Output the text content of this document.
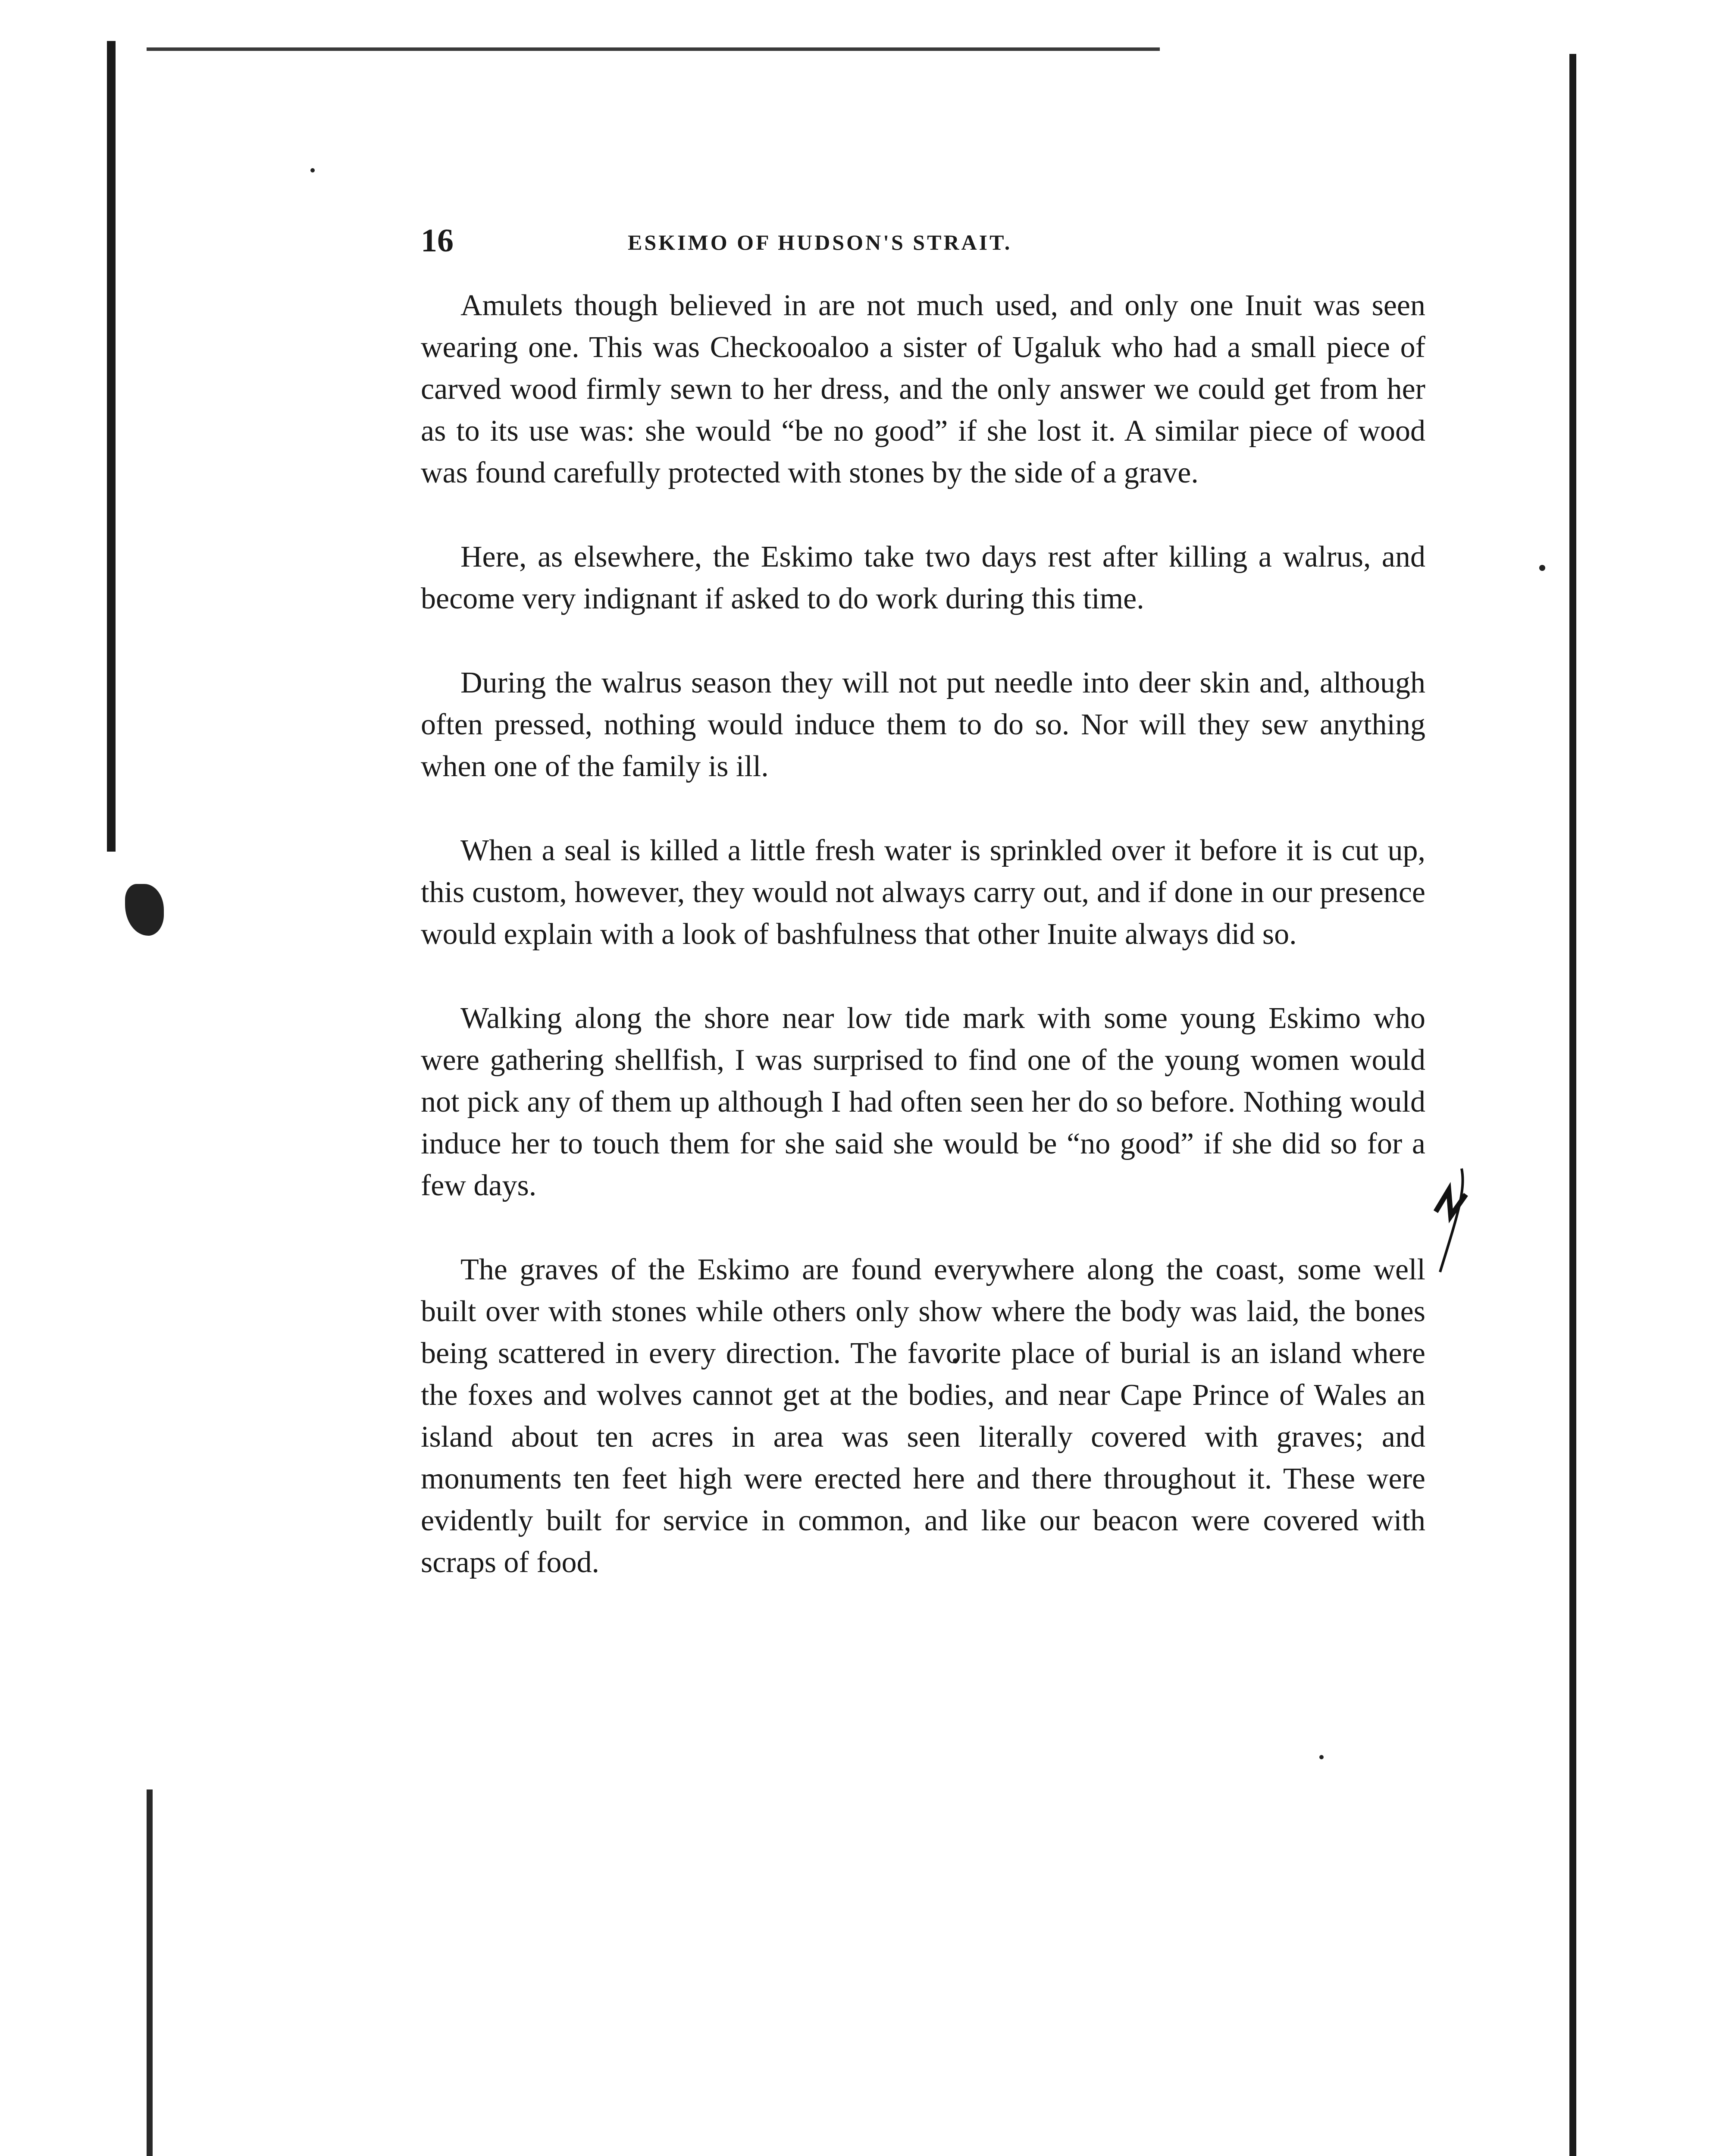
16	ESKIMO OF HUDSON'S STRAIT.

Amulets though believed in are not much used, and only one Inuit was seen wearing one. This was Checkooaloo a sister of Ugaluk who had a small piece of carved wood firmly sewn to her dress, and the only answer we could get from her as to its use was: she would “be no good” if she lost it. A similar piece of wood was found carefully protected with stones by the side of a grave.

Here, as elsewhere, the Eskimo take two days rest after killing a walrus, and become very indignant if asked to do work during this time.

During the walrus season they will not put needle into deer skin and, although often pressed, nothing would induce them to do so. Nor will they sew anything when one of the family is ill.

When a seal is killed a little fresh water is sprinkled over it before it is cut up, this custom, however, they would not always carry out, and if done in our presence would explain with a look of bashfulness that other Inuite always did so.

Walking along the shore near low tide mark with some young Eskimo who were gathering shellfish, I was surprised to find one of the young women would not pick any of them up although I had often seen her do so before. Nothing would induce her to touch them for she said she would be “no good” if she did so for a few days.

The graves of the Eskimo are found everywhere along the coast, some well built over with stones while others only show where the body was laid, the bones being scattered in every direction. The favorite place of burial is an island where the foxes and wolves cannot get at the bodies, and near Cape Prince of Wales an island about ten acres in area was seen literally covered with graves; and monuments ten feet high were erected here and there throughout it. These were evidently built for service in common, and like our beacon were covered with scraps of food.
